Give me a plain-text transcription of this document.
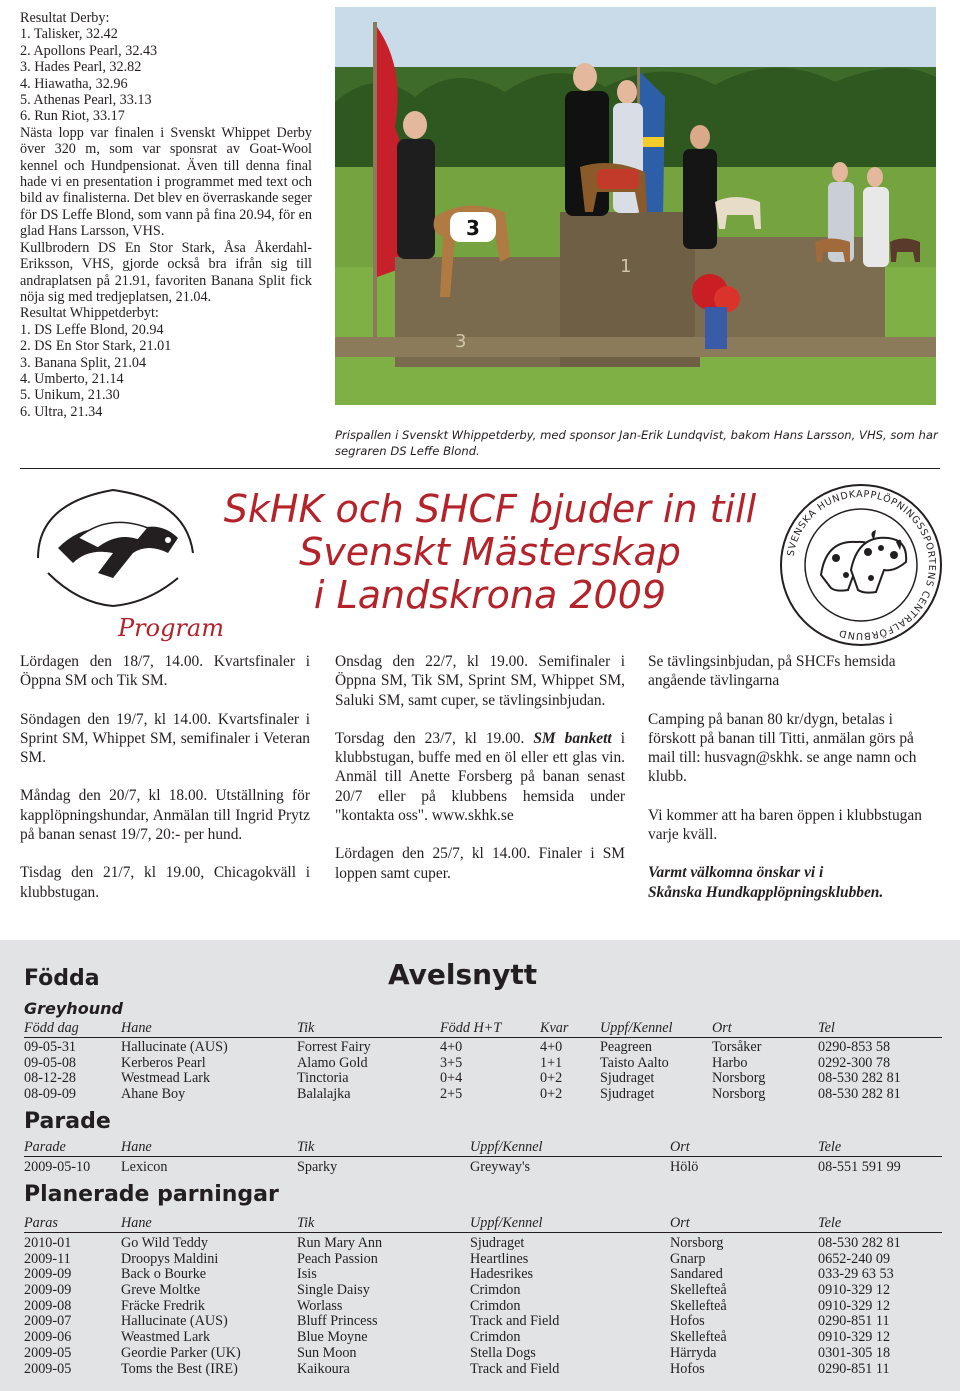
Resultat Derby:
1. Talisker, 32.42
2. Apollons Pearl, 32.43
3. Hades Pearl, 32.82
4. Hiawatha, 32.96
5. Athenas Pearl, 33.13
6. Run Riot, 33.17
Nästa lopp var finalen i Svenskt Whippet Derby över 320 m, som var sponsrat av Goat-Wool kennel och Hundpensionat. Även till denna final hade vi en presentation i programmet med text och bild av finalisterna. Det blev en överraskande seger för DS Leffe Blond, som vann på fina 20.94, för en glad Hans Larsson, VHS.
Kullbrodern DS En Stor Stark, Åsa Åkerdahl-Eriksson, VHS, gjorde också bra ifrån sig till andraplatsen på 21.91, favoriten Banana Split fick nöja sig med tredjeplatsen, 21.04.
Resultat Whippetderbyt:
1. DS Leffe Blond, 20.94
2. DS En Stor Stark, 21.01
3. Banana Split, 21.04
4. Umberto, 21.14
5. Unikum, 21.30
6. Ultra, 21.34
3
1
3
Prispallen i Svenskt Whippetderby, med sponsor Jan-Erik Lundqvist, bakom Hans Larsson, VHS, som har segraren DS Leffe Blond.
SVENSKA HUNDKAPPLÖPNINGSSPORTENS CENTRALFÖRBUND
SkHK och SHCF bjuder in till
Svenskt Mästerskap
i Landskrona 2009
Program

Lördagen den 18/7, 14.00. Kvartsfinaler i Öppna SM och Tik SM.

Söndagen den 19/7, kl 14.00. Kvartsfinaler i Sprint SM, Whippet SM, semifinaler i Veteran SM.

Måndag den 20/7, kl 18.00. Utställning för kapplöpningshundar, Anmälan till Ingrid Prytz på banan senast 19/7, 20:- per hund.

Tisdag den 21/7, kl 19.00, Chicagokväll i klubbstugan.

Onsdag den 22/7, kl 19.00. Semifinaler i Öppna SM, Tik SM, Sprint SM, Whippet SM, Saluki SM, samt cuper, se tävlingsinbjudan.

Torsdag den 23/7, kl 19.00. SM bankett i klubbstugan, buffe med en öl eller ett glas vin. Anmäl till Anette Forsberg på banan senast 20/7 eller på klubbens hemsida under "kontakta oss". www.skhk.se

Lördagen den 25/7, kl 14.00. Finaler i SM loppen samt cuper.

Se tävlingsinbjudan, på SHCFs hemsida angående tävlingarna

Camping på banan 80 kr/dygn, betalas i förskott på banan till Titti, anmälan görs på mail till: husvagn@skhk. se ange namn och klubb.

Vi kommer att ha baren öppen i klubbstugan varje kväll.

Varmt välkomna önskar vi i
Skånska Hundkapplöpningsklubben.
Födda	Avelsnytt
Greyhound
Född dag	Hane	Tik	Född H+T	Kvar Uppf/Kennel	Ort	Tel
09-05-31	Hallucinate (AUS)	Forrest Fairy	4+0	4+0	Peagreen	Torsåker	0290-853 58
09-05-08	Kerberos Pearl	Alamo Gold	3+5	1+1	Taisto Aalto	Harbo	0292-300 78
08-12-28	Westmead Lark	Tinctoria	0+4	0+2	Sjudraget	Norsborg	08-530 282 81
08-09-09	Ahane Boy	Balalajka	2+5	0+2	Sjudraget	Norsborg	08-530 282 81
Parade
Parade	Hane	Tik	Uppf/Kennel	Ort	Tele
2009-05-10 Lexicon	Sparky	Greyway's	Hölö	08-551 591 99
Planerade parningar
Paras	Hane	Tik	Uppf/Kennel	Ort	Tele
2010-01	Go Wild Teddy	Run Mary Ann	Sjudraget	Norsborg	08-530 282 81
2009-11	Droopys Maldini	Peach Passion	Heartlines	Gnarp	0652-240 09
2009-09	Back o Bourke	Isis	Hadesrikes	Sandared	033-29 63 53
2009-09	Greve Moltke	Single Daisy	Crimdon	Skellefteå	0910-329 12
2009-08	Fräcke Fredrik	Worlass	Crimdon	Skellefteå	0910-329 12
2009-07	Hallucinate (AUS)	Bluff Princess	Track and Field	Hofos	0290-851 11
2009-06	Weastmed Lark	Blue Moyne	Crimdon	Skellefteå	0910-329 12
2009-05	Geordie Parker (UK)	Sun Moon	Stella Dogs	Härryda	0301-305 18
2009-05	Toms the Best (IRE)	Kaikoura	Track and Field	Hofos	0290-851 11
